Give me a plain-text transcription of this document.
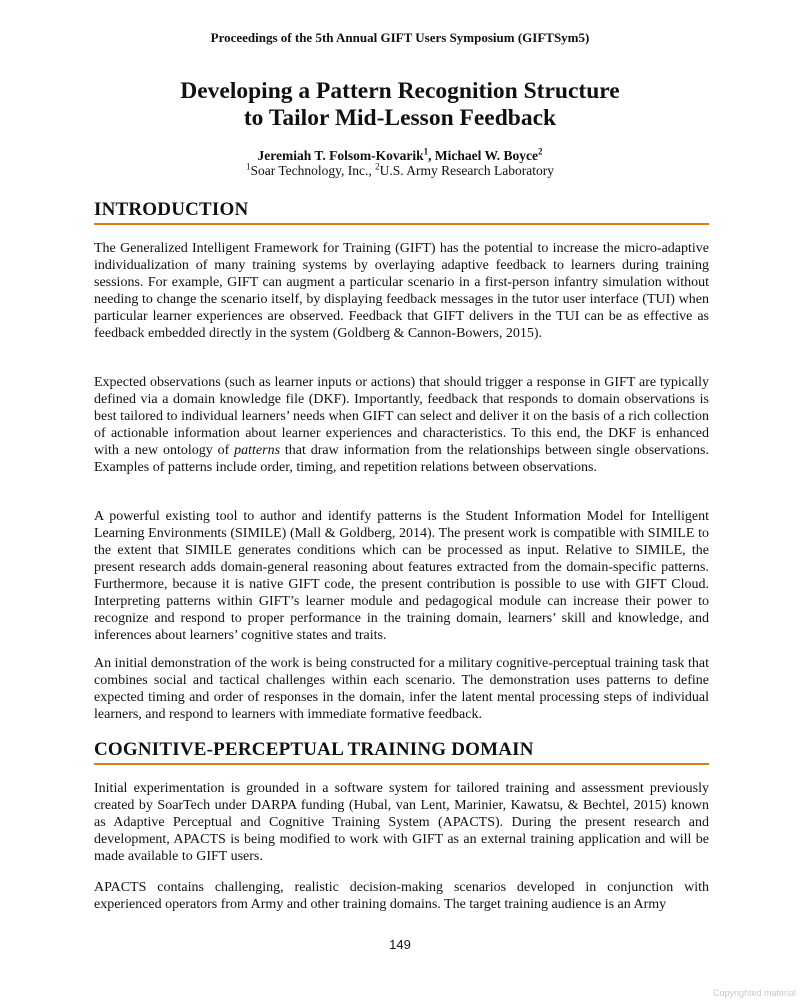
Proceedings of the 5th Annual GIFT Users Symposium (GIFTSym5)
Developing a Pattern Recognition Structure
to Tailor Mid-Lesson Feedback
Jeremiah T. Folsom-Kovarik$^1$, Michael W. Boyce$^2$
$^1$Soar Technology, Inc., $^2$U.S. Army Research Laboratory
INTRODUCTION

The Generalized Intelligent Framework for Training (GIFT) has the potential to increase the micro-adaptive individualization of many training systems by overlaying adaptive feedback to learners during training sessions. For example, GIFT can augment a particular scenario in a first-person infantry simulation without needing to change the scenario itself, by displaying feedback messages in the tutor user interface (TUI) when particular learner experiences are observed. Feedback that GIFT delivers in the TUI can be as effective as feedback embedded directly in the system (Goldberg & Cannon-Bowers, 2015).

Expected observations (such as learner inputs or actions) that should trigger a response in GIFT are typically defined via a domain knowledge file (DKF). Importantly, feedback that responds to domain observations is best tailored to individual learners’ needs when GIFT can select and deliver it on the basis of a rich collection of actionable information about learner experiences and characteristics. To this end, the DKF is enhanced with a new ontology of patterns that draw information from the relationships between single observations. Examples of patterns include order, timing, and repetition relations between observations.

A powerful existing tool to author and identify patterns is the Student Information Model for Intelligent Learning Environments (SIMILE) (Mall & Goldberg, 2014). The present work is compatible with SIMILE to the extent that SIMILE generates conditions which can be processed as input. Relative to SIMILE, the present research adds domain-general reasoning about features extracted from the domain-specific patterns. Furthermore, because it is native GIFT code, the present contribution is possible to use with GIFT Cloud. Interpreting patterns within GIFT’s learner module and pedagogical module can increase their power to recognize and respond to proper performance in the training domain, learners’ skill and knowledge, and inferences about learners’ cognitive states and traits.

An initial demonstration of the work is being constructed for a military cognitive-perceptual training task that combines social and tactical challenges within each scenario. The demonstration uses patterns to define expected timing and order of responses in the domain, infer the latent mental processing steps of individual learners, and respond to learners with immediate formative feedback.

COGNITIVE-PERCEPTUAL TRAINING DOMAIN

Initial experimentation is grounded in a software system for tailored training and assessment previously created by SoarTech under DARPA funding (Hubal, van Lent, Marinier, Kawatsu, & Bechtel, 2015) known as Adaptive Perceptual and Cognitive Training System (APACTS). During the present research and development, APACTS is being modified to work with GIFT as an external training application and will be made available to GIFT users.

APACTS contains challenging, realistic decision-making scenarios developed in conjunction with experienced operators from Army and other training domains. The target training audience is an Army

149
Copyrighted material
